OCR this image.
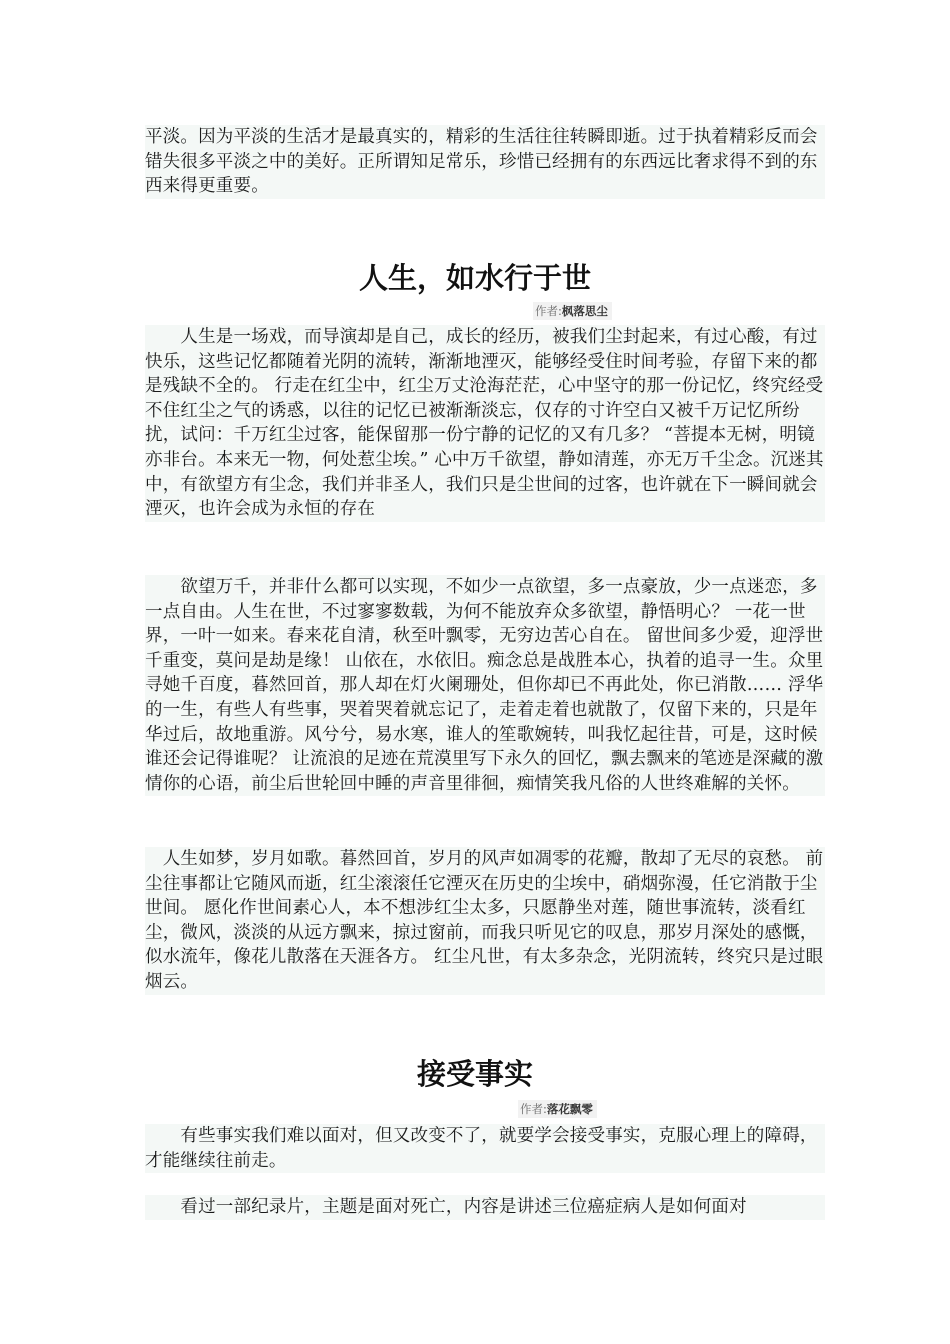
平淡。因为平淡的生活才是最真实的，精彩的生活往往转瞬即逝。过于执着精彩反而会错失很多平淡之中的美好。正所谓知足常乐，珍惜已经拥有的东西远比奢求得不到的东西来得更重要。

人生，如水行于世
作者:枫落思尘

　　人生是一场戏，而导演却是自己，成长的经历，被我们尘封起来，有过心酸，有过快乐，这些记忆都随着光阴的流转，渐渐地湮灭，能够经受住时间考验，存留下来的都是残缺不全的。 行走在红尘中，红尘万丈沧海茫茫，心中坚守的那一份记忆，终究经受不住红尘之气的诱惑，以往的记忆已被渐渐淡忘，仅存的寸许空白又被千万记忆所纷扰，试问：千万红尘过客，能保留那一份宁静的记忆的又有几多？ “菩提本无树，明镜亦非台。本来无一物，何处惹尘埃。” 心中万千欲望，静如清莲，亦无万千尘念。沉迷其中，有欲望方有尘念，我们并非圣人，我们只是尘世间的过客，也许就在下一瞬间就会湮灭，也许会成为永恒的存在

　　欲望万千，并非什么都可以实现，不如少一点欲望，多一点豪放，少一点迷恋，多一点自由。人生在世，不过寥寥数载，为何不能放弃众多欲望，静悟明心？ 一花一世界，一叶一如来。春来花自清，秋至叶飘零，无穷边苦心自在。 留世间多少爱，迎浮世千重变，莫问是劫是缘！ 山依在，水依旧。痴念总是战胜本心，执着的追寻一生。众里寻她千百度，暮然回首，那人却在灯火阑珊处，但你却已不再此处，你已消散…… 浮华的一生，有些人有些事，哭着哭着就忘记了，走着走着也就散了，仅留下来的，只是年华过后，故地重游。风兮兮，易水寒，谁人的笙歌婉转，叫我忆起往昔，可是，这时候谁还会记得谁呢？ 让流浪的足迹在荒漠里写下永久的回忆，飘去飘来的笔迹是深藏的激情你的心语，前尘后世轮回中睡的声音里徘徊，痴情笑我凡俗的人世终难解的关怀。

　人生如梦，岁月如歌。暮然回首，岁月的风声如凋零的花瓣，散却了无尽的哀愁。 前尘往事都让它随风而逝，红尘滚滚任它湮灭在历史的尘埃中，硝烟弥漫，任它消散于尘世间。 愿化作世间素心人，本不想涉红尘太多，只愿静坐对莲，随世事流转，淡看红尘，微风，淡淡的从远方飘来，掠过窗前，而我只听见它的叹息，那岁月深处的感慨，似水流年，像花儿散落在天涯各方。 红尘凡世，有太多杂念，光阴流转，终究只是过眼烟云。

接受事实
作者:落花飘零

　　有些事实我们难以面对，但又改变不了，就要学会接受事实，克服心理上的障碍，才能继续往前走。

　　看过一部纪录片，主题是面对死亡，内容是讲述三位癌症病人是如何面对
